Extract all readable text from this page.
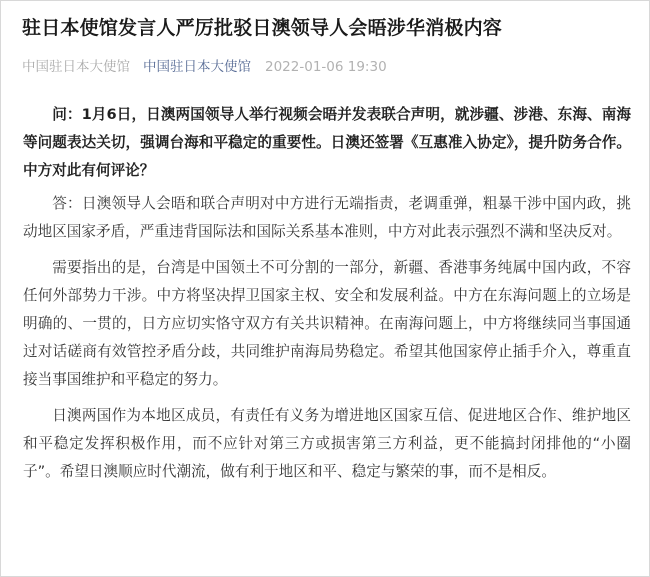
驻日本使馆发言人严厉批驳日澳领导人会晤涉华消极内容
中国驻日本大使馆 中国驻日本大使馆 2022-01-06 19:30

问：1月6日，日澳两国领导人举行视频会晤并发表联合声明，就涉疆、涉港、东海、南海等问题表达关切，强调台海和平稳定的重要性。日澳还签署《互惠准入协定》，提升防务合作。中方对此有何评论？

答：日澳领导人会晤和联合声明对中方进行无端指责，老调重弹，粗暴干涉中国内政，挑动地区国家矛盾，严重违背国际法和国际关系基本准则，中方对此表示强烈不满和坚决反对。

需要指出的是，台湾是中国领土不可分割的一部分，新疆、香港事务纯属中国内政，不容任何外部势力干涉。中方将坚决捍卫国家主权、安全和发展利益。中方在东海问题上的立场是明确的、一贯的，日方应切实恪守双方有关共识精神。在南海问题上，中方将继续同当事国通过对话磋商有效管控矛盾分歧，共同维护南海局势稳定。希望其他国家停止插手介入，尊重直接当事国维护和平稳定的努力。

日澳两国作为本地区成员，有责任有义务为增进地区国家互信、促进地区合作、维护地区和平稳定发挥积极作用，而不应针对第三方或损害第三方利益，更不能搞封闭排他的“小圈子”。希望日澳顺应时代潮流，做有利于地区和平、稳定与繁荣的事，而不是相反。
